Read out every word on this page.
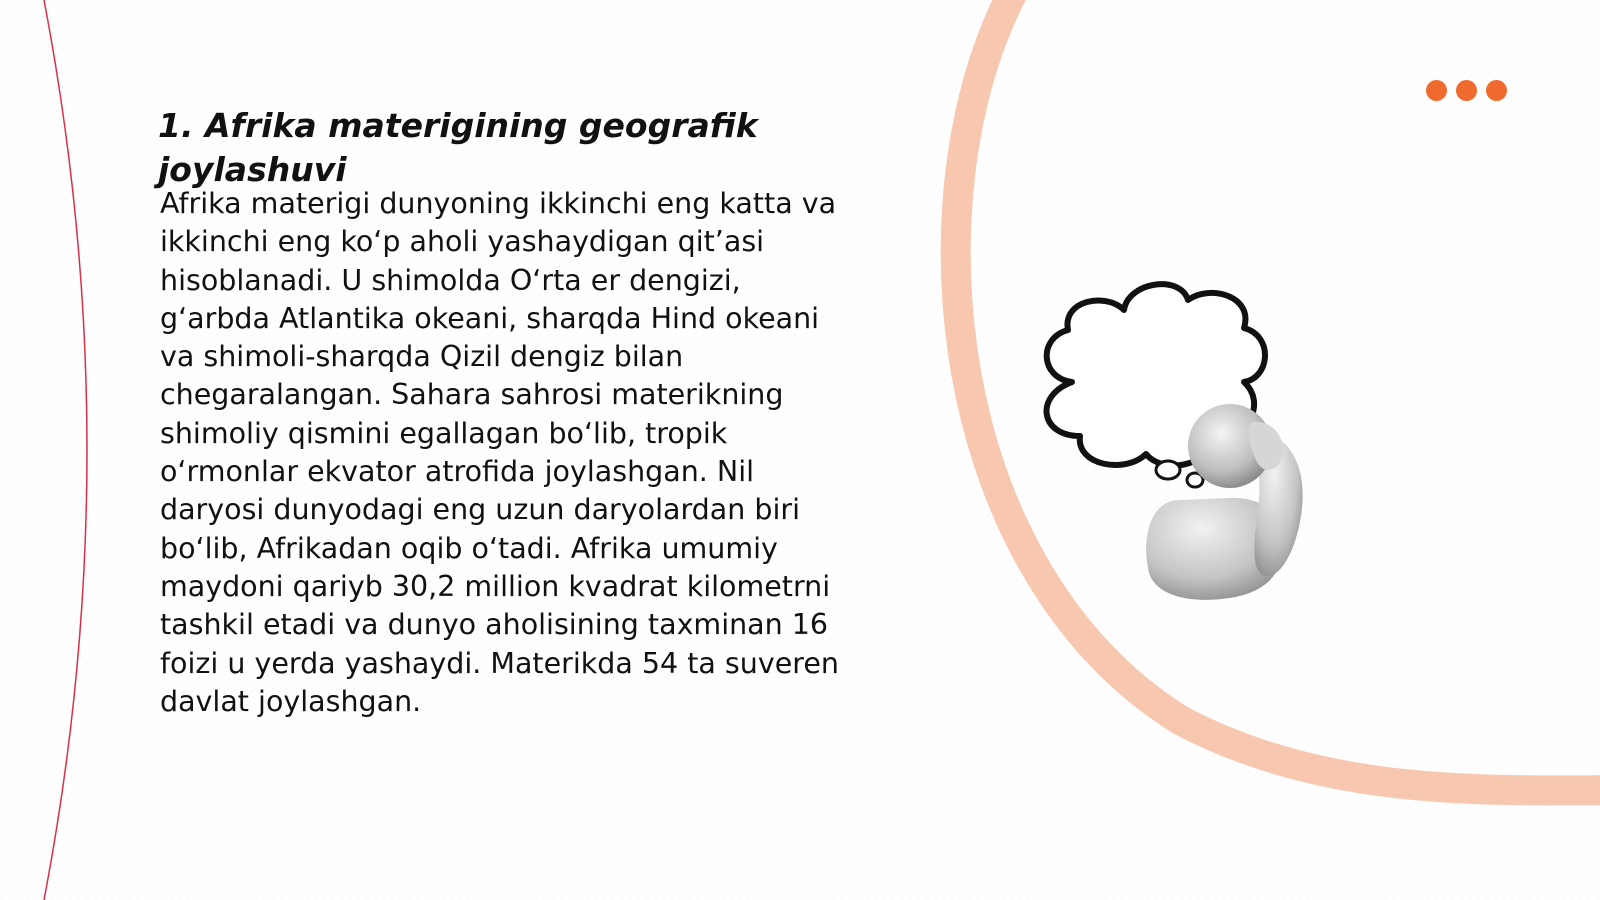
1. Afrika materigining geografik joylashuvi

Afrika materigi dunyoning ikkinchi eng katta va ikkinchi eng ko‘p aholi yashaydigan qit’asi hisoblanadi. U shimolda O‘rta er dengizi, g‘arbda Atlantika okeani, sharqda Hind okeani va shimoli-sharqda Qizil dengiz bilan chegaralangan. Sahara sahrosi materikning shimoliy qismini egallagan bo‘lib, tropik o‘rmonlar ekvator atrofida joylashgan. Nil daryosi dunyodagi eng uzun daryolardan biri bo‘lib, Afrikadan oqib o‘tadi. Afrika umumiy maydoni qariyb 30,2 million kvadrat kilometrni tashkil etadi va dunyo aholisining taxminan 16 foizi u yerda yashaydi. Materikda 54 ta suveren davlat joylashgan.
